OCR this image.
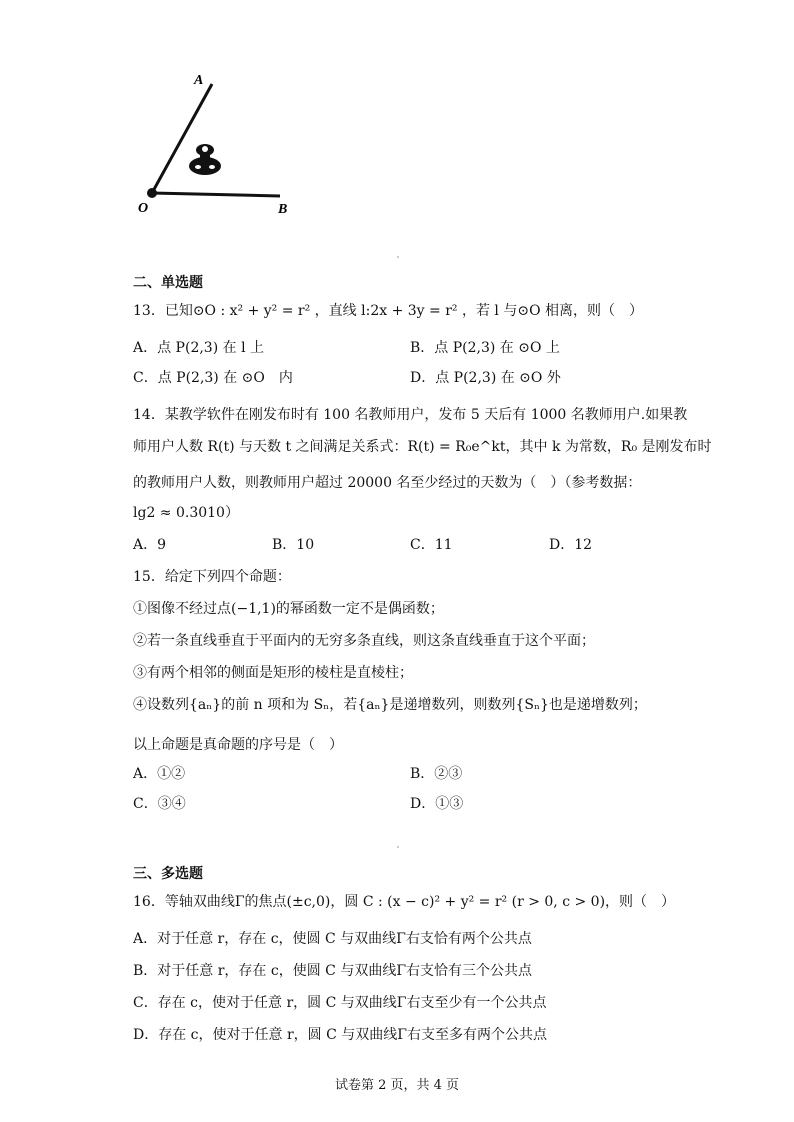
A
O	B
二、单选题
13．已知⊙O : x² + y² = r² ，直线 l:2x + 3y = r² ，若 l 与⊙O 相离，则（　）
A．点 P(2,3) 在 l 上	B．点 P(2,3) 在 ⊙O 上
C．点 P(2,3) 在 ⊙O　内	D．点 P(2,3) 在 ⊙O 外
14．某教学软件在刚发布时有 100 名教师用户，发布 5 天后有 1000 名教师用户.如果教
师用户人数 R(t) 与天数 t 之间满足关系式：R(t) = R₀e^kt，其中 k 为常数，R₀ 是刚发布时
的教师用户人数，则教师用户超过 20000 名至少经过的天数为（　）（参考数据：
lg2 ≈ 0.3010）
A．9	B．10	C．11	D．12
15．给定下列四个命题：
①图像不经过点(−1,1)的幂函数一定不是偶函数；
②若一条直线垂直于平面内的无穷多条直线，则这条直线垂直于这个平面；
③有两个相邻的侧面是矩形的棱柱是直棱柱；
④设数列{aₙ}的前 n 项和为 Sₙ，若{aₙ}是递增数列，则数列{Sₙ}也是递增数列；
以上命题是真命题的序号是（　）
A．①②	B．②③
C．③④	D．①③
三、多选题
16．等轴双曲线Γ的焦点(±c,0)，圆 C : (x − c)² + y² = r² (r > 0, c > 0)，则（　）
A．对于任意 r，存在 c，使圆 C 与双曲线Γ右支恰有两个公共点
B．对于任意 r，存在 c，使圆 C 与双曲线Γ右支恰有三个公共点
C．存在 c，使对于任意 r，圆 C 与双曲线Γ右支至少有一个公共点
D．存在 c，使对于任意 r，圆 C 与双曲线Γ右支至多有两个公共点
试卷第 2 页，共 4 页
